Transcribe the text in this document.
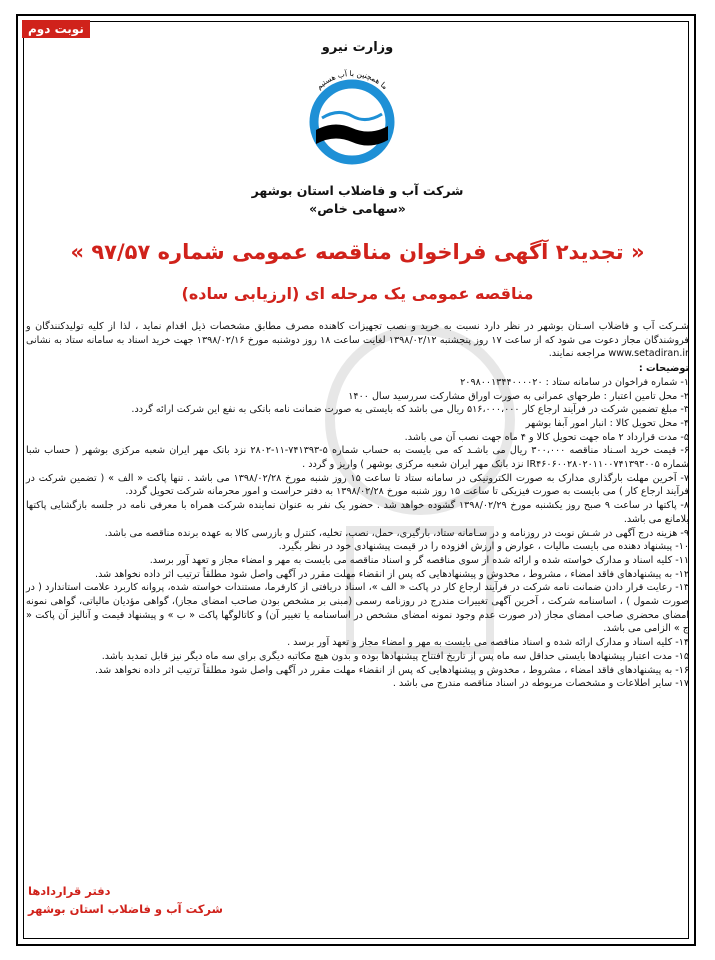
نوبت دوم
وزارت نیرو
ما همچنین با آب هستیم
شرکت آب و فاضلاب استان بوشهر
«سهامی خاص»
« تجدید۲ آگهی فراخوان مناقصه عمومی شماره ۹۷/۵۷ »
مناقصه عمومی یک مرحله ای (ارزیابی ساده)

شـرکت آب و فاضلاب اسـتان بوشهر در نظر دارد نسبت به خرید و نصب تجهیزات کاهنده مصرف مطابق مشخصات ذیل اقدام نماید ، لذا از کلیه تولیدکنندگان و فروشندگان مجاز دعوت می شود که از ساعت ۱۷ روز پنجشنبه ۱۳۹۸/۰۲/۱۲ لغایت ساعت ۱۸ روز دوشنبه مورخ ۱۳۹۸/۰۲/۱۶ جهت خرید اسناد به سامانه ستاد به نشانی www.setadiran.ir مراجعه نمایند.

توضیحات :

۱- شماره فراخوان در سامانه ستاد : ۲۰۹۸۰۰۱۳۴۴۰۰۰۰۲۰

۲- محل تامین اعتبار : طرحهای عمرانی به صورت اوراق مشارکت سررسید سال ۱۴۰۰

۳- مبلغ تضمین شرکت در فرآیند ارجاع کار ۵۱۶،۰۰۰،۰۰۰ ریال می باشد که بایستی به صورت ضمانت نامه بانکی به نفع این شرکت ارائه گردد.

۴- محل تحویل کالا : انبار امور آبفا بوشهر

۵- مدت قرارداد ۲ ماه جهت تحویل کالا و ۴ ماه جهت نصب آن می باشد.

۶- قیمت خرید اسـناد مناقصه ۳۰۰،۰۰۰ ریال می باشـد که می بایست به حساب شماره ۵-۷۴۱۳۹۳-۱۱-۲۸۰۲ نزد بانک مهر ایران شعبه مرکزی بوشهر ( حساب شبا شماره IR۴۶۰۶۰۰۲۸۰۲۰۱۱۰۰۷۴۱۳۹۳۰۰۵ نزد بانک مهر ایران شعبه مرکزی بوشهر ) واریز و گردد .

۷- آخرین مهلت بارگذاری مدارک به صورت الکترونیکی در سامانه ستاد تا ساعت ۱۵ روز شنبه مورخ ۱۳۹۸/۰۲/۲۸ می باشد . تنها پاکت « الف » ( تضمین شرکت در فرآیند ارجاع کار ) می بایست به صورت فیزیکی تا ساعت ۱۵ روز شنبه مورخ ۱۳۹۸/۰۲/۲۸ به دفتر حراست و امور محرمانه شرکت تحویل گردد.

۸- پاکتها در ساعت ۹ صبح روز یکشنبه مورخ ۱۳۹۸/۰۲/۲۹ گشوده خواهد شد . حضور یک نفر به عنوان نماینده شرکت همراه با معرفی نامه در جلسه بازگشایی پاکتها بلامانع می باشد.

۹- هزینه درج آگهی در شـش نوبت در روزنامه و در سـامانه ستاد، بارگیری، حمل، نصب، تخلیه، کنترل و بازرسی کالا به عهده برنده مناقصه می باشد.

۱۰- پیشنهاد دهنده می بایست مالیات ، عوارض و ارزش افزوده را در قیمت پیشنهادی خود در نظر بگیرد.

۱۱- کلیه اسناد و مدارک خواسته شده و ارائه شده از سوی مناقصه گر و اسناد مناقصه می بایست به مهر و امضاء مجاز و تعهد آور برسد.

۱۲- به پیشنهادهای فاقد امضاء ، مشروط ، مخدوش و پیشنهادهایی که پس از انقضاء مهلت مقرر در آگهی واصل شود مطلقاً ترتیب اثر داده نخواهد شد.

۱۳- رعایت قرار دادن ضمانت نامه شرکت در فرآیند ارجاع کار در پاکت « الف »، اسناد دریافتی از کارفرما، مستندات خواسته شده، پروانه کاربرد علامت استاندارد ( در صورت شمول ) ، اساسنامه شرکت ، آخرین آگهی تغییرات مندرج در روزنامه رسمی (مبنی بر مشخص بودن صاحب امضای مجاز)، گواهی مؤدیان مالیاتی، گواهی نمونه امضای محضری صاحب امضای مجاز (در صورت عدم وجود نمونه امضای مشخص در اساسنامه یا تغییر آن) و کاتالوگها پاکت « ب » و پیشنهاد قیمت و آنالیز آن پاکت « ج » الزامی می باشد.

۱۴- کلیه اسناد و مدارک ارائه شده و اسناد مناقصه می بایست به مهر و امضاء مجاز و تعهد آور برسد .

۱۵- مدت اعتبار پیشنهادها بایستی حداقل سه ماه پس از تاریخ افتتاح پیشنهادها بوده و بدون هیچ مکاتبه دیگری برای سه ماه دیگر نیز قابل تمدید باشد.

۱۶- به پیشنهادهای فاقد امضاء ، مشروط ، مخدوش و پیشنهادهایی که پس از انقضاء مهلت مقرر در آگهی واصل شود مطلقاً ترتیب اثر داده نخواهد شد.

۱۷- سایر اطلاعات و مشخصات مربوطه در اسناد مناقصه مندرج می باشد .

دفتر قراردادها
شرکت آب و فاضلاب استان بوشهر
